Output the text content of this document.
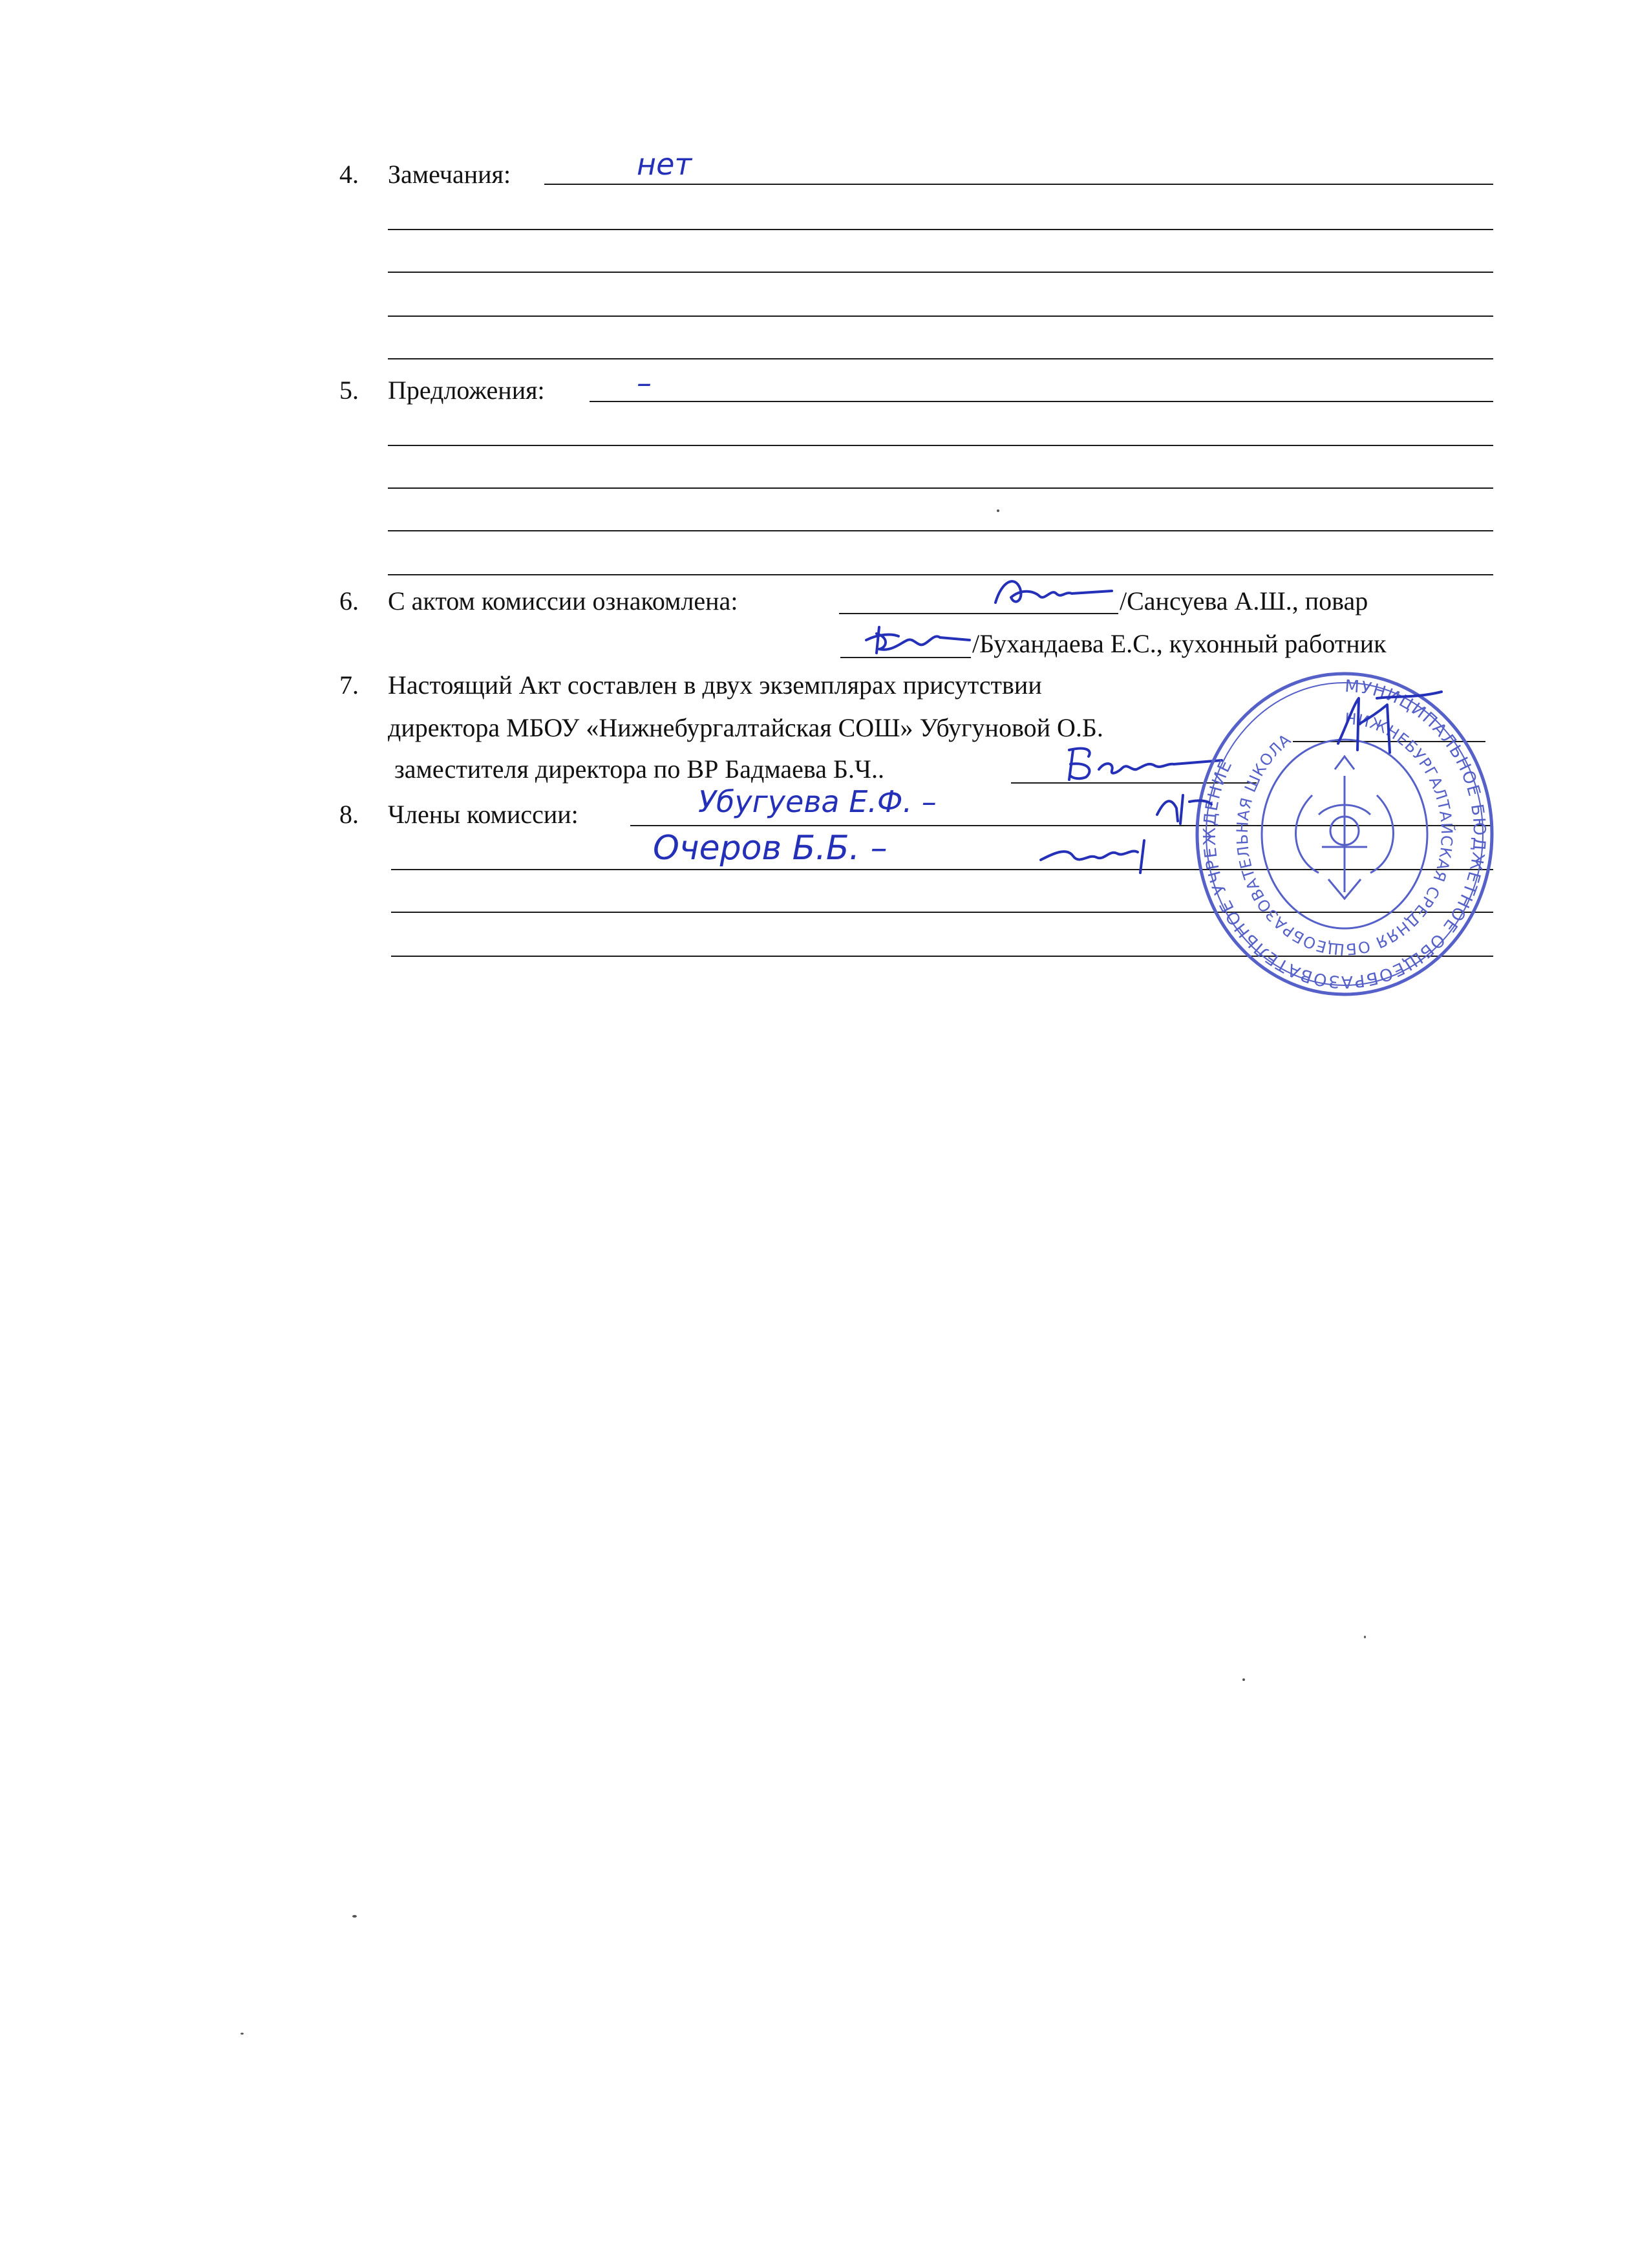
4. Замечания:	нет
5. Предложения:	–
6. С актом комиссии ознакомлена:	/Сансуева А.Ш., повар
/Бухандаева Е.С., кухонный работник
7. Настоящий Акт составлен в двух экземплярах присутствии
директора МБОУ «Нижнебургалтайская СОШ» Убугуновой О.Б.
заместителя директора по ВР Бадмаева Б.Ч..
8. Члены комиссии:	Убугуева Е.Ф. –
Очеров Б.Б. –
МУНИЦИПАЛЬНОЕ БЮДЖЕТНОЕ ОБЩЕОБРАЗОВАТЕЛЬНОЕ УЧРЕЖДЕНИЕ
НИЖНЕБУРГАЛТАЙСКАЯ СРЕДНЯЯ ОБЩЕОБРАЗОВАТЕЛЬНАЯ ШКОЛА
